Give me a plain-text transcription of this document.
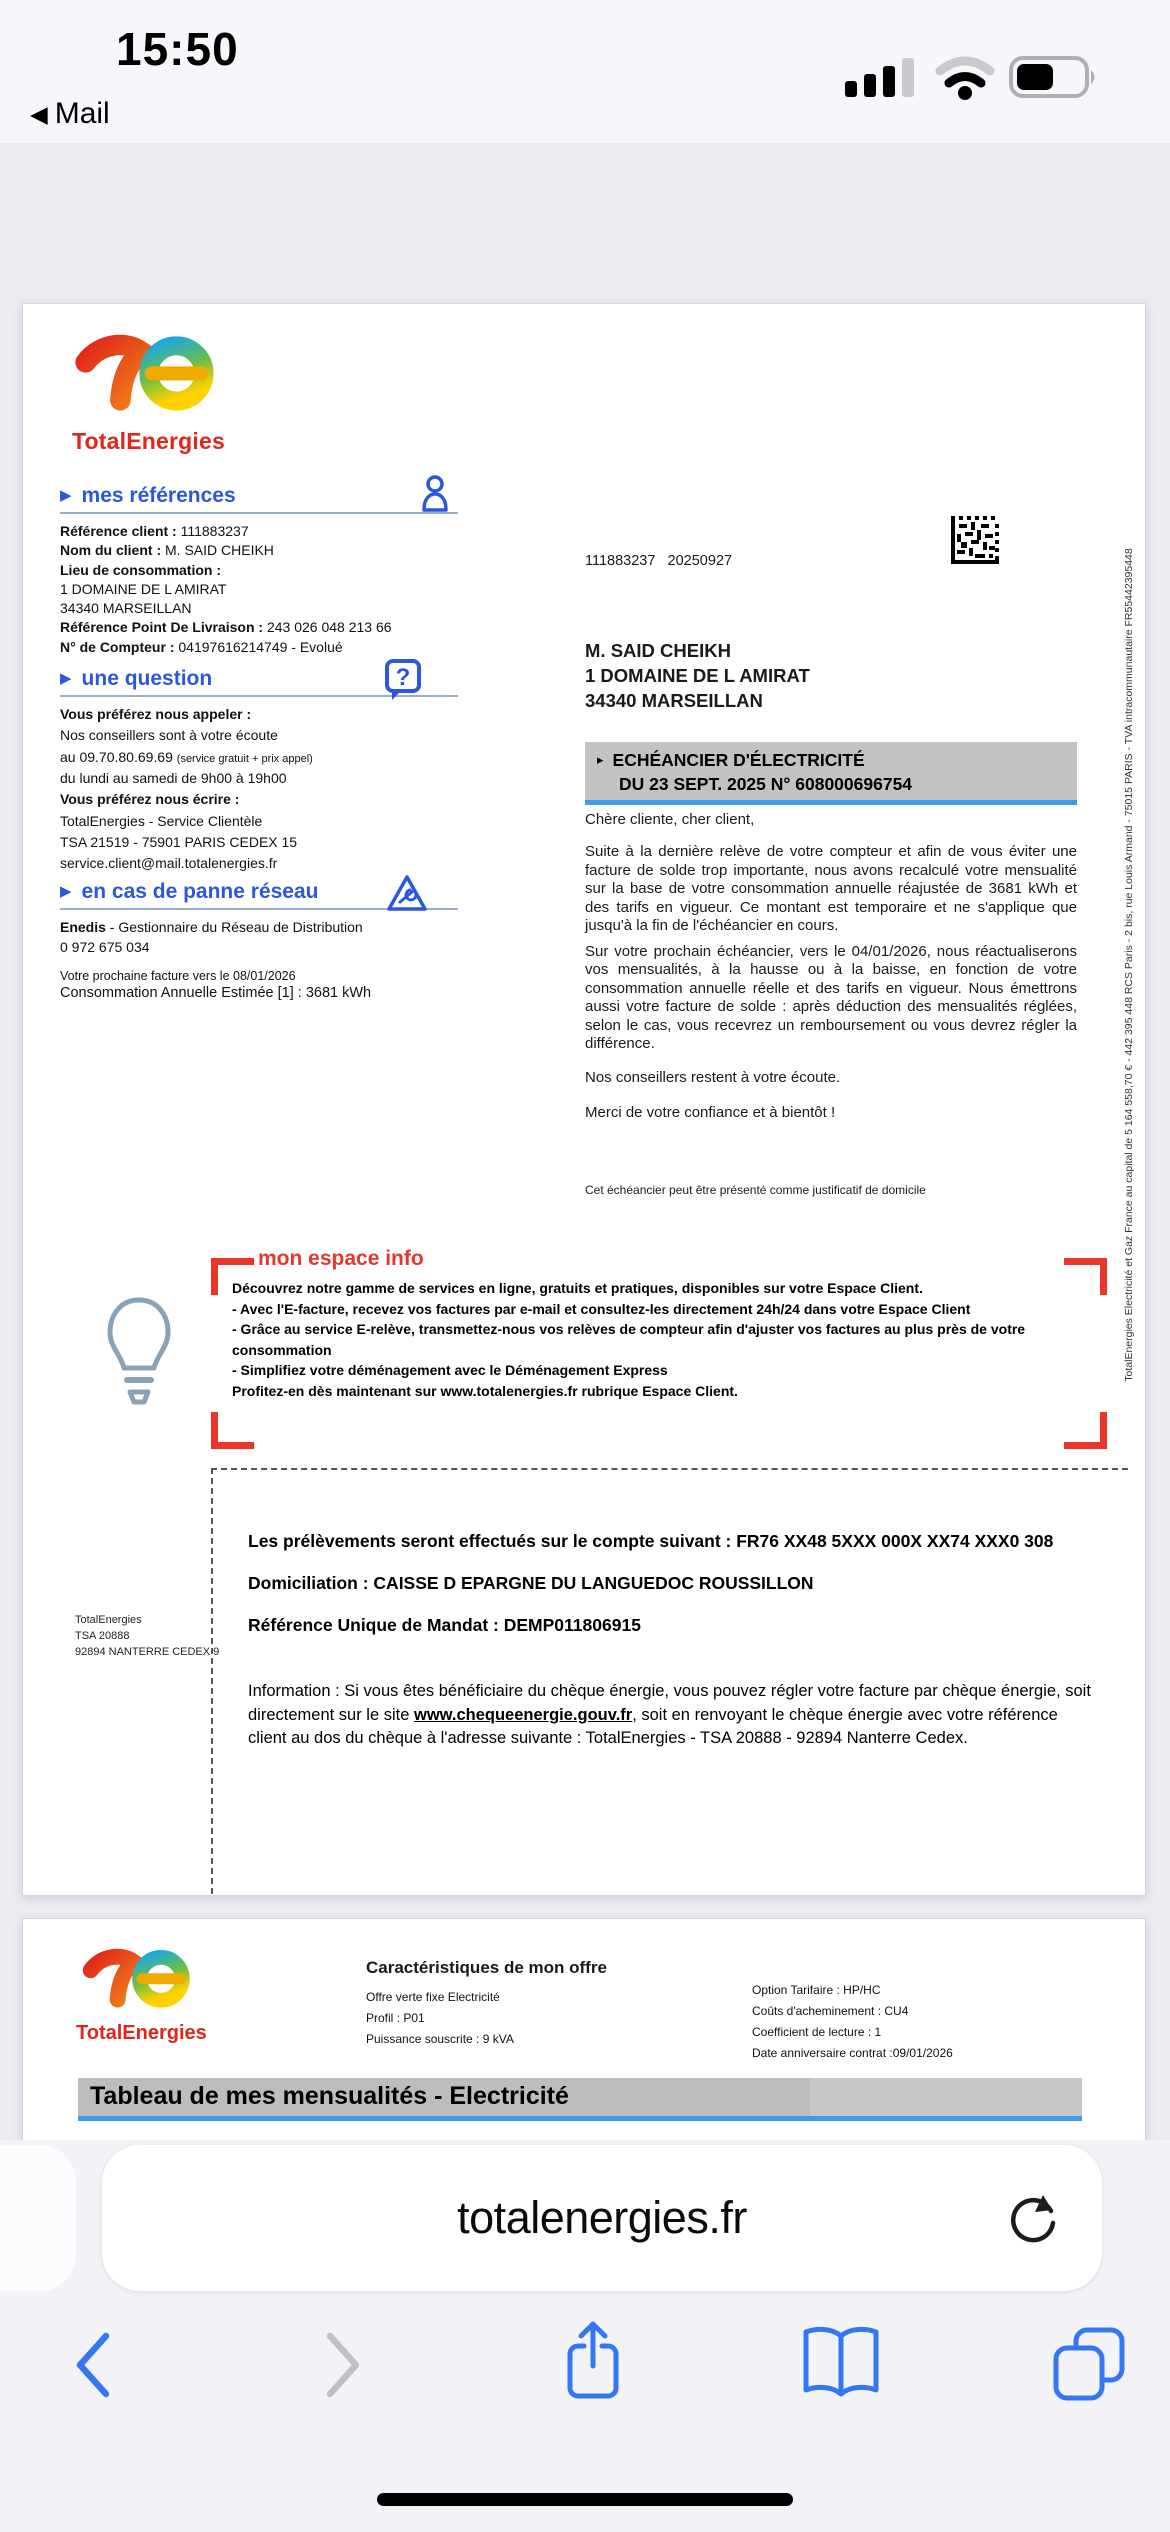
15:50
◀ Mail
TotalEnergies
▶ mes références
Référence client : 111883237
Nom du client : M. SAID CHEIKH
Lieu de consommation :
1 DOMAINE DE L AMIRAT
34340 MARSEILLAN
Référence Point De Livraison : 243 026 048 213 66
N° de Compteur : 04197616214749 - Evolué
▶ une question	?
Vous préférez nous appeler :
Nos conseillers sont à votre écoute
au 09.70.80.69.69 (service gratuit + prix appel)
du lundi au samedi de 9h00 à 19h00
Vous préférez nous écrire :
TotalEnergies - Service Clientèle
TSA 21519 - 75901 PARIS CEDEX 15
service.client@mail.totalenergies.fr
▶ en cas de panne réseau
Enedis - Gestionnaire du Réseau de Distribution
0 972 675 034
Votre prochaine facture vers le 08/01/2026
Consommation Annuelle Estimée [1] : 3681 kWh
111883237   20250927
M. SAID CHEIKH
1 DOMAINE DE L AMIRAT
34340 MARSEILLAN
▸ ECHÉANCIER D'ÉLECTRICITÉ
DU 23 SEPT. 2025 N° 608000696754
Chère cliente, cher client,
Suite à la dernière relève de votre compteur et afin de vous éviter une facture de solde trop importante, nous avons recalculé votre mensualité sur la base de votre consommation annuelle réajustée de 3681 kWh et des tarifs en vigueur. Ce montant est temporaire et ne s'applique que jusqu'à la fin de l'échéancier en cours.
Sur votre prochain échéancier, vers le 04/01/2026, nous réactualiserons vos mensualités, à la hausse ou à la baisse, en fonction de votre consommation annuelle réelle et des tarifs en vigueur. Nous émettrons aussi votre facture de solde : après déduction des mensualités réglées, selon le cas, vous recevrez un remboursement ou vous devrez régler la différence.
Nos conseillers restent à votre écoute.
Merci de votre confiance et à bientôt !
Cet échéancier peut être présenté comme justificatif de domicile	TotalEnergies Electricité et Gaz France au capital de 5 164 558,70 € - 442 395 448 RCS Paris - 2 bis, rue Louis Armand - 75015 PARIS - TVA intracommunautaire FR55442395448
mon espace info
Découvrez notre gamme de services en ligne, gratuits et pratiques, disponibles sur votre Espace Client.
- Avec l'E-facture, recevez vos factures par e-mail et consultez-les directement 24h/24 dans votre Espace Client
- Grâce au service E-relève, transmettez-nous vos relèves de compteur afin d'ajuster vos factures au plus près de votre consommation
- Simplifiez votre déménagement avec le Déménagement Express
Profitez-en dès maintenant sur www.totalenergies.fr rubrique Espace Client.
TotalEnergies
TSA 20888
92894 NANTERRE CEDEX 9
Les prélèvements seront effectués sur le compte suivant : FR76 XX48 5XXX 000X XX74 XXX0 308
Domiciliation : CAISSE D EPARGNE DU LANGUEDOC ROUSSILLON
Référence Unique de Mandat : DEMP011806915
Information : Si vous êtes bénéficiaire du chèque énergie, vous pouvez régler votre facture par chèque énergie, soit directement sur le site www.chequeenergie.gouv.fr, soit en renvoyant le chèque énergie avec votre référence client au dos du chèque à l'adresse suivante : TotalEnergies - TSA 20888 - 92894 Nanterre Cedex.
TotalEnergies
Caractéristiques de mon offre
Offre verte fixe Electricité
Profil : P01
Puissance souscrite : 9 kVA
Option Tarifaire : HP/HC
Coûts d'acheminement : CU4
Coefficient de lecture : 1
Date anniversaire contrat :09/01/2026
Tableau de mes mensualités - Electricité
totalenergies.fr
